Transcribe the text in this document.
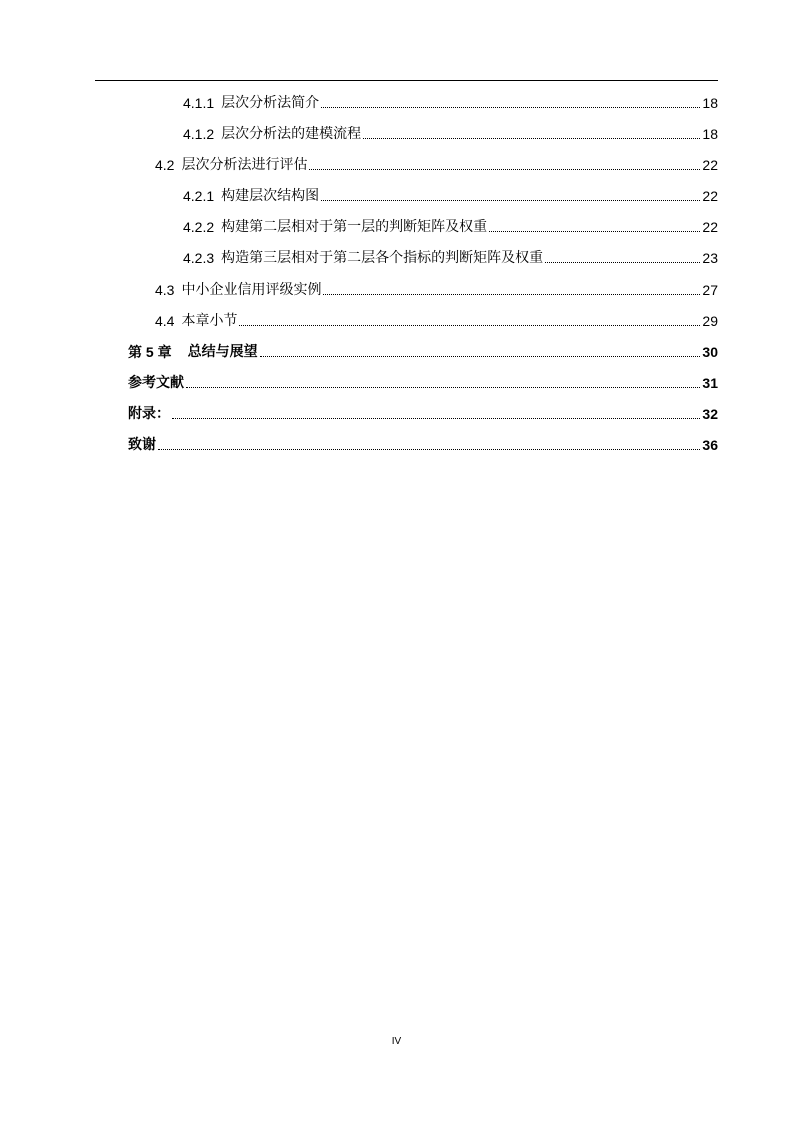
4.1.1 层次分析法简介	18
4.1.2 层次分析法的建模流程	18
4.2 层次分析法进行评估	22
4.2.1 构建层次结构图	22
4.2.2 构建第二层相对于第一层的判断矩阵及权重	22
4.2.3 构造第三层相对于第二层各个指标的判断矩阵及权重	23
4.3 中小企业信用评级实例	27
4.4 本章小节	29
第 5 章 总结与展望	30
参考文献	31
附录：	32
致谢	36
IV
